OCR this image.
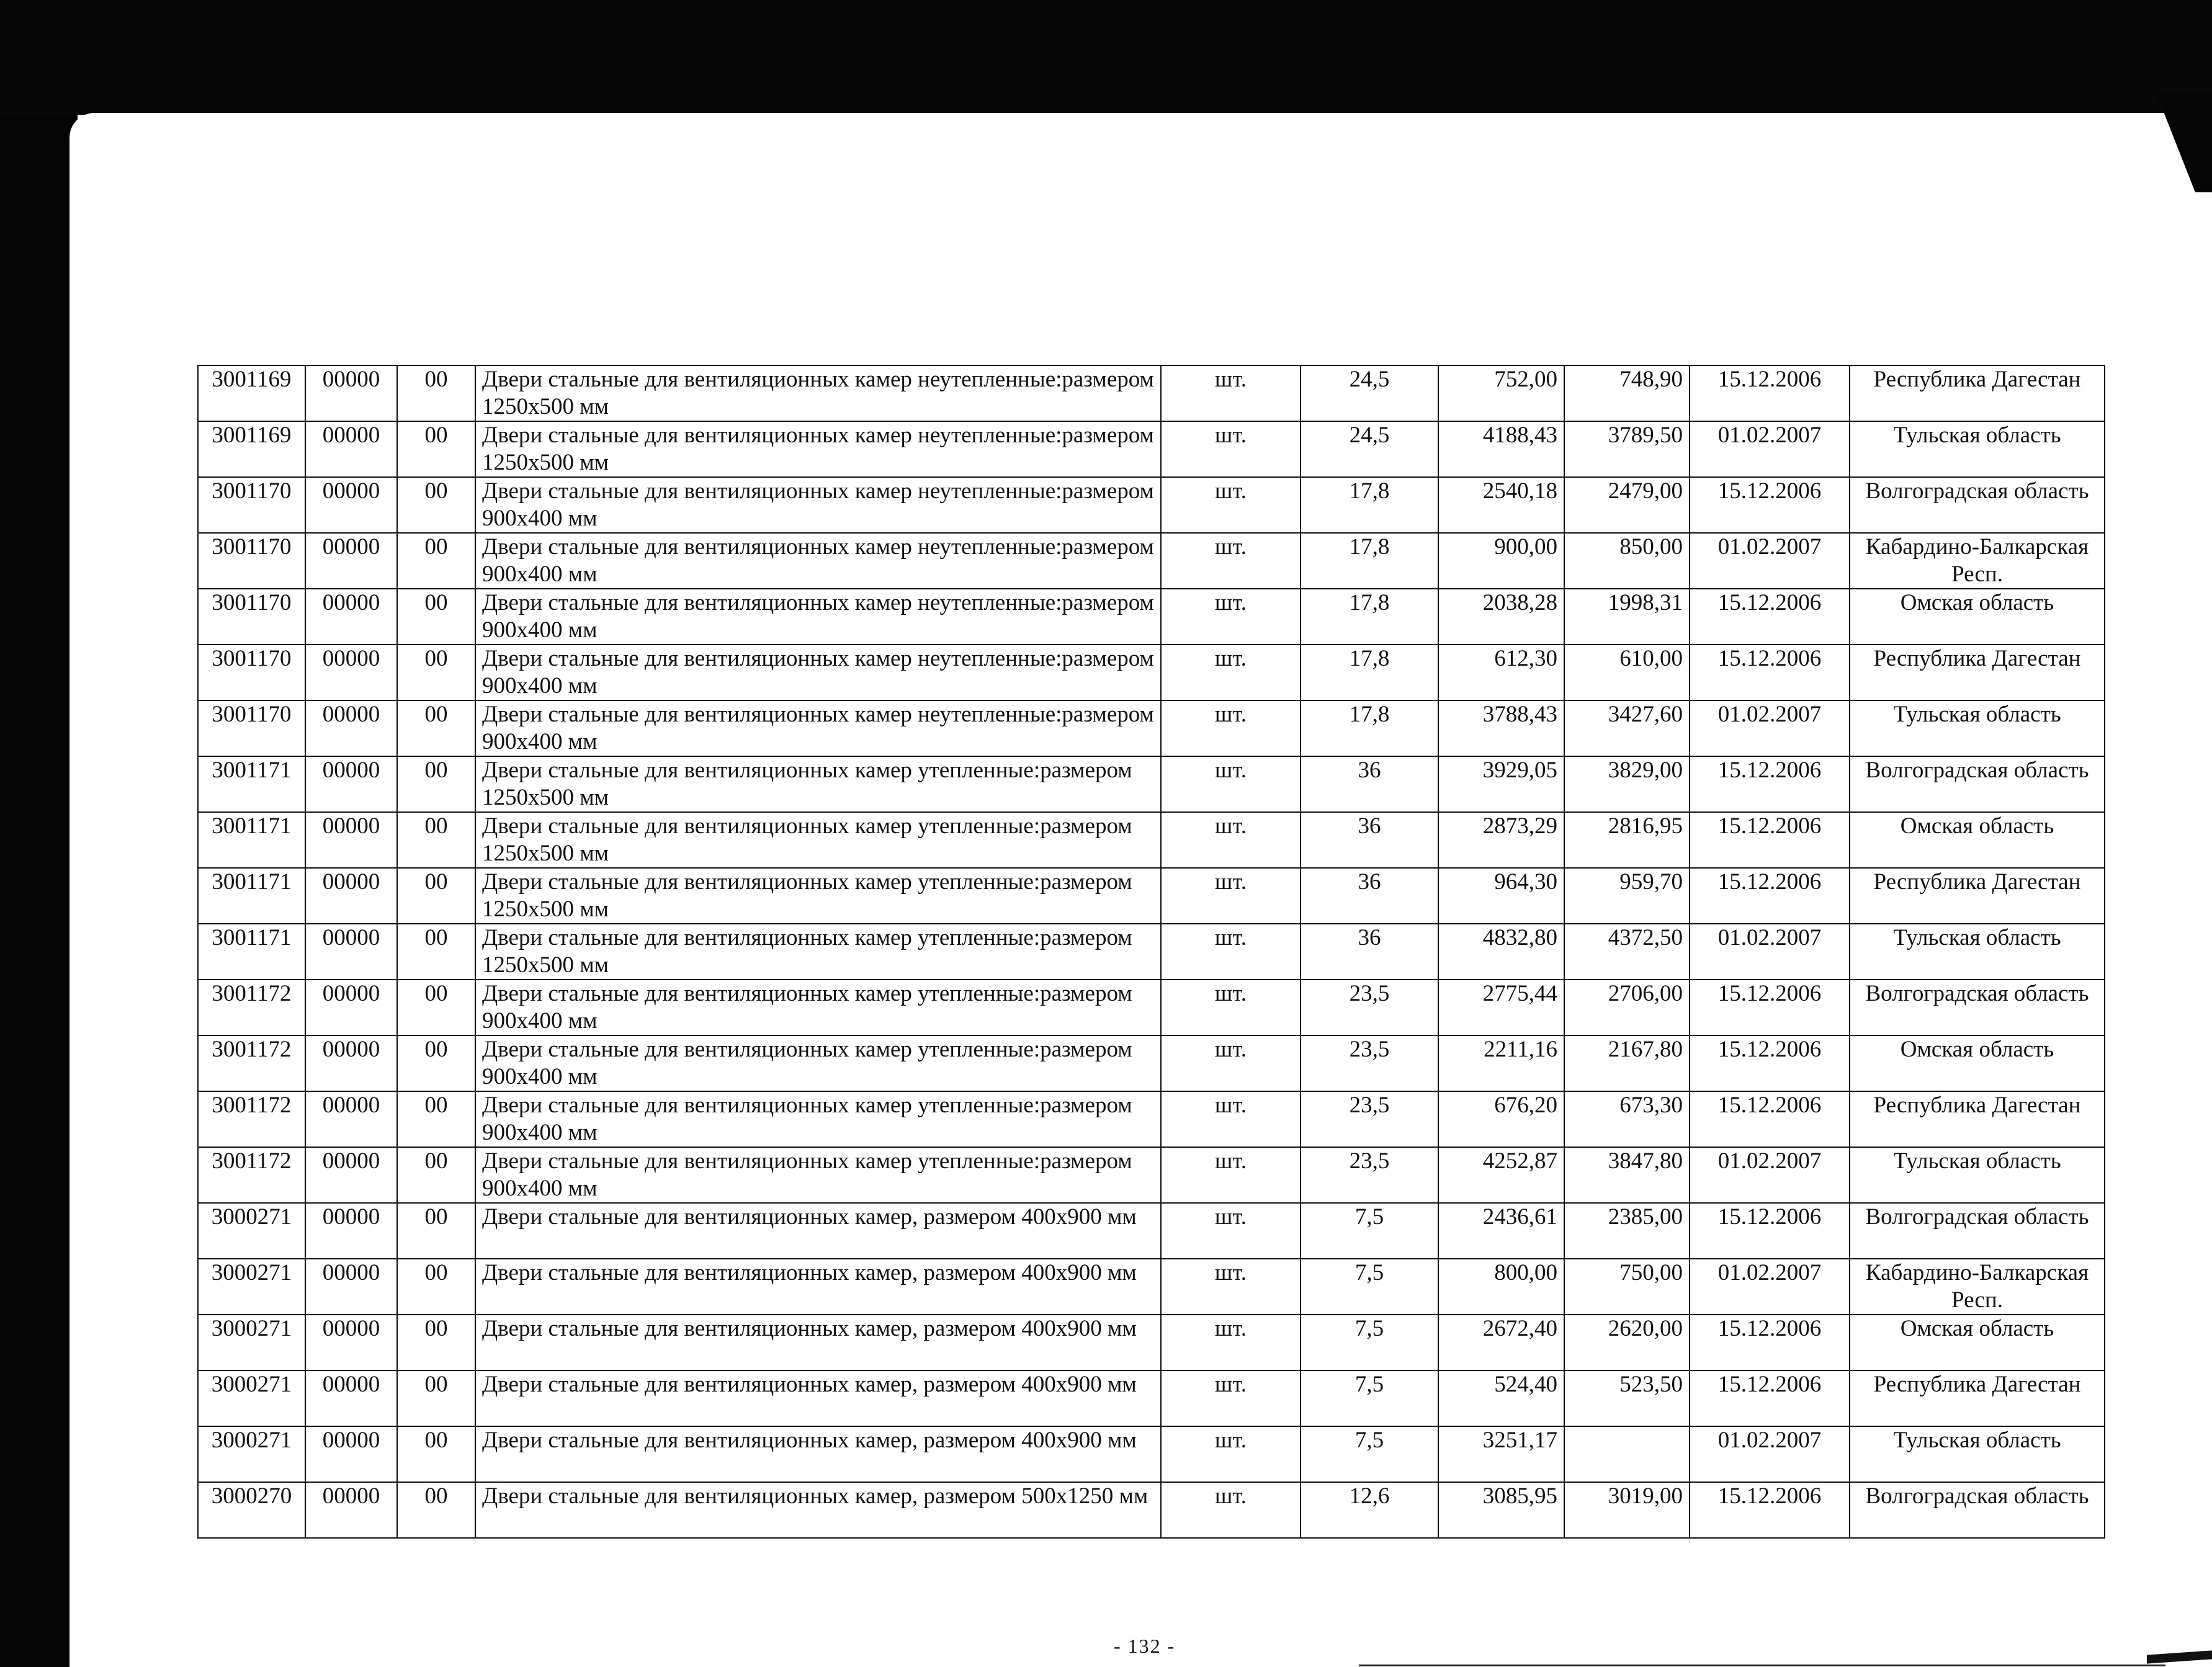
3001169	00000	00	Двери стальные для вентиляционных камер неутепленные:размером 1250х500 мм	шт.	24,5	752,00	748,90	15.12.2006	Республика Дагестан
3001169	00000	00	Двери стальные для вентиляционных камер неутепленные:размером 1250х500 мм	шт.	24,5	4188,43	3789,50	01.02.2007	Тульская область
3001170	00000	00	Двери стальные для вентиляционных камер неутепленные:размером 900х400 мм	шт.	17,8	2540,18	2479,00	15.12.2006	Волгоградская область
3001170	00000	00	Двери стальные для вентиляционных камер неутепленные:размером 900х400 мм	шт.	17,8	900,00	850,00	01.02.2007	Кабардино-Балкарская Респ.
3001170	00000	00	Двери стальные для вентиляционных камер неутепленные:размером 900х400 мм	шт.	17,8	2038,28	1998,31	15.12.2006	Омская область
3001170	00000	00	Двери стальные для вентиляционных камер неутепленные:размером 900х400 мм	шт.	17,8	612,30	610,00	15.12.2006	Республика Дагестан
3001170	00000	00	Двери стальные для вентиляционных камер неутепленные:размером 900х400 мм	шт.	17,8	3788,43	3427,60	01.02.2007	Тульская область
3001171	00000	00	Двери стальные для вентиляционных камер утепленные:размером 1250х500 мм	шт.	36	3929,05	3829,00	15.12.2006	Волгоградская область
3001171	00000	00	Двери стальные для вентиляционных камер утепленные:размером 1250х500 мм	шт.	36	2873,29	2816,95	15.12.2006	Омская область
3001171	00000	00	Двери стальные для вентиляционных камер утепленные:размером 1250х500 мм	шт.	36	964,30	959,70	15.12.2006	Республика Дагестан
3001171	00000	00	Двери стальные для вентиляционных камер утепленные:размером 1250х500 мм	шт.	36	4832,80	4372,50	01.02.2007	Тульская область
3001172	00000	00	Двери стальные для вентиляционных камер утепленные:размером 900х400 мм	шт.	23,5	2775,44	2706,00	15.12.2006	Волгоградская область
3001172	00000	00	Двери стальные для вентиляционных камер утепленные:размером 900х400 мм	шт.	23,5	2211,16	2167,80	15.12.2006	Омская область
3001172	00000	00	Двери стальные для вентиляционных камер утепленные:размером 900х400 мм	шт.	23,5	676,20	673,30	15.12.2006	Республика Дагестан
3001172	00000	00	Двери стальные для вентиляционных камер утепленные:размером 900х400 мм	шт.	23,5	4252,87	3847,80	01.02.2007	Тульская область
3000271	00000	00	Двери стальные для вентиляционных камер, размером 400х900 мм	шт.	7,5	2436,61	2385,00	15.12.2006	Волгоградская область
3000271	00000	00	Двери стальные для вентиляционных камер, размером 400х900 мм	шт.	7,5	800,00	750,00	01.02.2007	Кабардино-Балкарская Респ.
3000271	00000	00	Двери стальные для вентиляционных камер, размером 400х900 мм	шт.	7,5	2672,40	2620,00	15.12.2006	Омская область
3000271	00000	00	Двери стальные для вентиляционных камер, размером 400х900 мм	шт.	7,5	524,40	523,50	15.12.2006	Республика Дагестан
3000271	00000	00	Двери стальные для вентиляционных камер, размером 400х900 мм	шт.	7,5	3251,17		01.02.2007	Тульская область
3000270	00000	00	Двери стальные для вентиляционных камер, размером 500х1250 мм	шт.	12,6	3085,95	3019,00	15.12.2006	Волгоградская область
- 132 -
